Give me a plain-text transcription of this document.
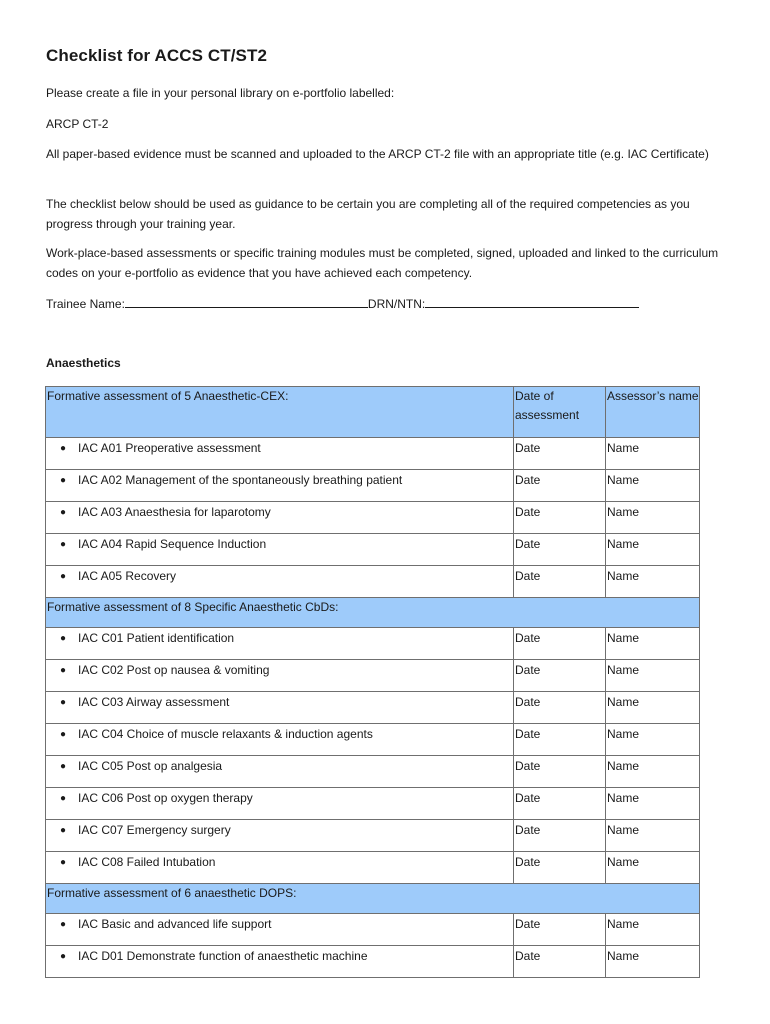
Checklist for ACCS CT/ST2
Please create a file in your personal library on e-portfolio labelled:
ARCP CT-2
All paper-based evidence must be scanned and uploaded to the ARCP CT-2 file with an appropriate title (e.g. IAC Certificate)
The checklist below should be used as guidance to be certain you are completing all of the required competencies as you progress through your training year.
Work-place-based assessments or specific training modules must be completed, signed, uploaded and linked to the curriculum codes on your e-portfolio as evidence that you have achieved each competency.
Trainee Name:	DRN/NTN:
Anaesthetics
Formative assessment of 5 Anaesthetic-CEX:	Date of assessment	Assessor’s name

● IAC A01 Preoperative assessment	Date	Name

● IAC A02 Management of the spontaneously breathing patient	Date	Name

● IAC A03 Anaesthesia for laparotomy	Date	Name

● IAC A04 Rapid Sequence Induction	Date	Name

● IAC A05 Recovery	Date	Name

Formative assessment of 8 Specific Anaesthetic CbDs:		

● IAC C01 Patient identification	Date	Name

● IAC C02 Post op nausea & vomiting	Date	Name

● IAC C03 Airway assessment	Date	Name

● IAC C04 Choice of muscle relaxants & induction agents	Date	Name

● IAC C05 Post op analgesia	Date	Name

● IAC C06 Post op oxygen therapy	Date	Name

● IAC C07 Emergency surgery	Date	Name

● IAC C08 Failed Intubation	Date	Name

Formative assessment of 6 anaesthetic DOPS:		

● IAC Basic and advanced life support	Date	Name

● IAC D01 Demonstrate function of anaesthetic machine	Date	Name
